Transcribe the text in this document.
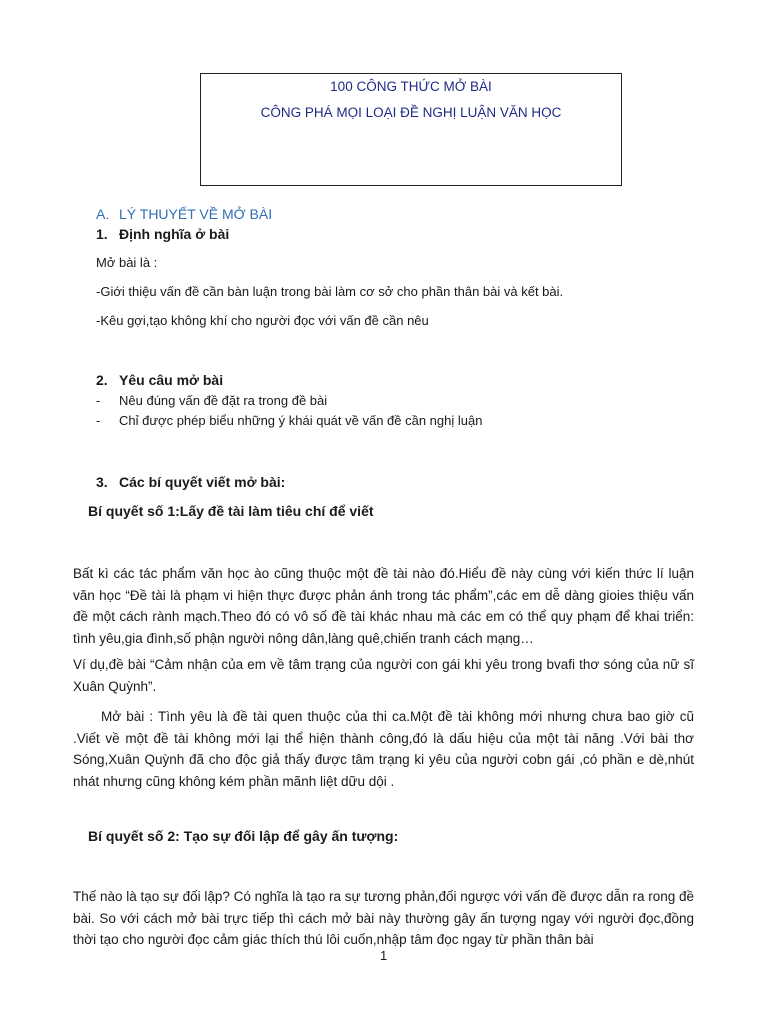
100 CÔNG THỨC MỞ BÀI
CÔNG PHÁ MỌI LOẠI ĐỀ NGHỊ LUẬN VĂN HỌC
A. LÝ THUYẾT VỀ MỞ BÀI
1. Định nghĩa ở bài
Mở bài là :
-Giới thiệu vấn đề cần bàn luận trong bài làm cơ sở cho phần thân bài và kết bài.
-Kêu gợi,tạo không khí cho người đọc với vấn đề cần nêu
2. Yêu câu mở bài
- Nêu đúng vấn đề đặt ra trong đề bài
- Chỉ được phép biểu những ý khái quát về vấn đề cần nghị luận
3. Các bí quyết viết mở bài:
Bí quyết số 1:Lấy đề tài làm tiêu chí để viết
Bất kì các tác phẩm văn học ào cũng thuộc một đề tài nào đó.Hiểu đề này cùng với kiến thức lí luận văn học “Đề tài là phạm vi hiện thực được phản ánh trong tác phẩm”,các em dễ dàng gioies thiệu vấn đề một cách rành mạch.Theo đó có vô số đề tài khác nhau mà các em có thể quy phạm để khai triển: tình yêu,gia đình,số phận người nông dân,làng quê,chiến tranh cách mạng…
Ví dụ,đề bài “Cảm nhận của em về tâm trạng của người con gái khi yêu trong bvafi thơ sóng của nữ sĩ Xuân Quỳnh”.
Mở bài : Tình yêu là đề tài quen thuộc của thi ca.Một đề tài không mới nhưng chưa bao giờ cũ .Viết về một đề tài không mới lại thể hiện thành công,đó là dấu hiệu của một tài năng .Với bài thơ Sóng,Xuân Quỳnh đã cho độc giả thấy được tâm trạng ki yêu của người cobn gái ,có phần e dè,nhút nhát nhưng cũng không kém phần mãnh liệt dữu dội .
Bí quyết số 2: Tạo sự đối lập để gây ấn tượng:
Thế nào là tạo sự đối lập? Có nghĩa là tạo ra sự tương phản,đối ngược với vấn đề được dẫn ra rong đề bài. So với cách mở bài trực tiếp thì cách mở bài này thường gây ấn tượng ngay với người đọc,đồng thời tạo cho người đọc cảm giác thích thú lôi cuốn,nhập tâm đọc ngay từ phần thân bài
1
